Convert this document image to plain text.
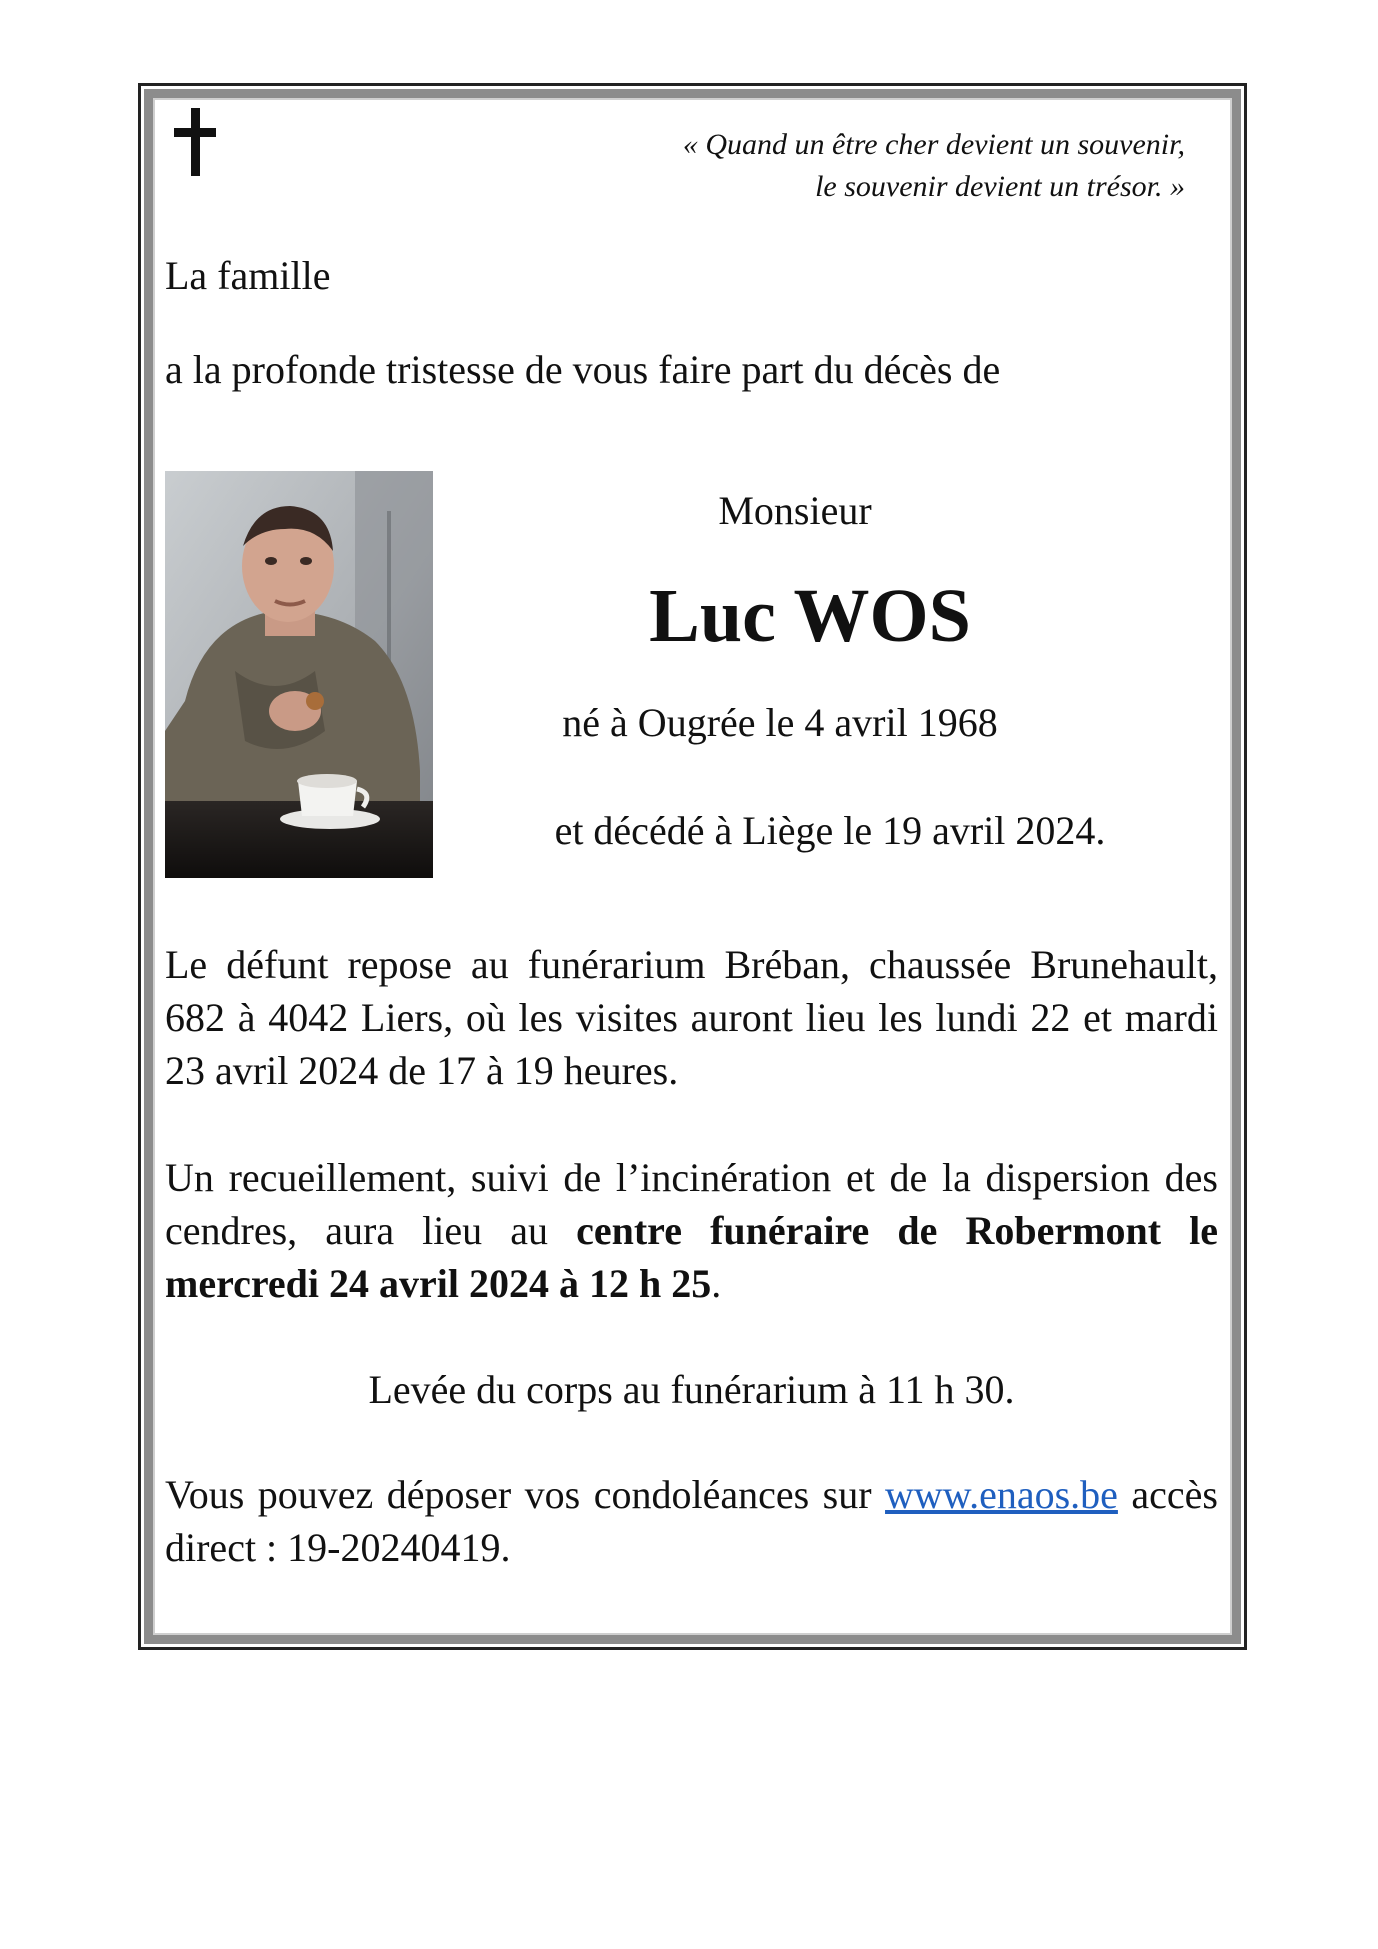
« Quand un être cher devient un souvenir,
le souvenir devient un trésor. »
La famille
a la profonde tristesse de vous faire part du décès de
Monsieur
Luc WOS
né à Ougrée le 4 avril 1968
et décédé à Liège le 19 avril 2024.
Le défunt repose au funérarium Bréban, chaussée Brunehault, 682 à 4042 Liers, où les visites auront lieu les lundi 22 et mardi 23 avril 2024 de 17 à 19 heures.
Un recueillement, suivi de l’incinération et de la dispersion des cendres, aura lieu au centre funéraire de Robermont le mercredi 24 avril 2024 à 12 h 25.
Levée du corps au funérarium à 11 h 30.
Vous pouvez déposer vos condoléances sur www.enaos.be accès direct : 19-20240419.
